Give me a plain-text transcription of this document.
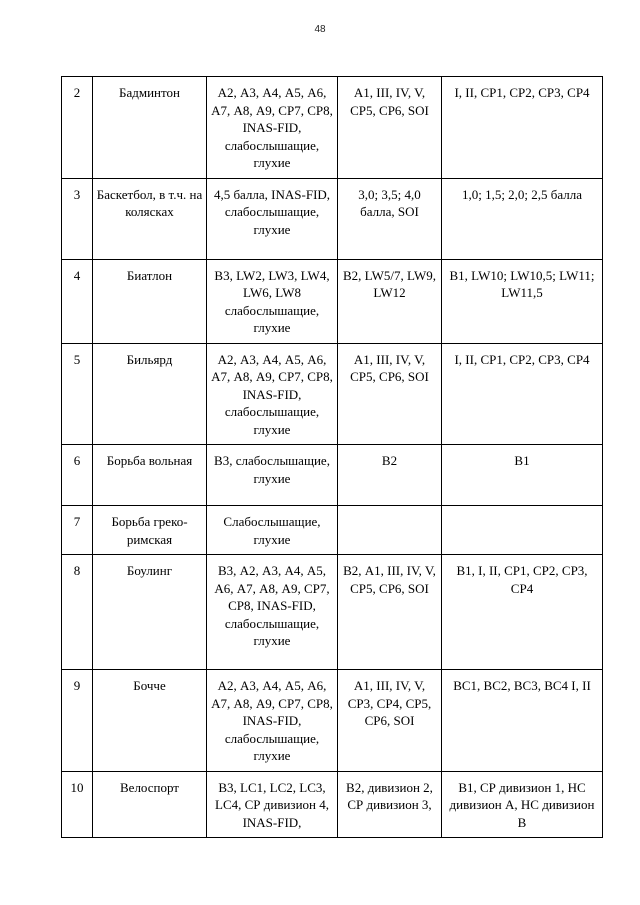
48
2	Бадминтон	А2, А3, А4, А5, А6, А7, А8, А9, СР7, СР8, INAS-FID, слабослышащие, глухие	А1, III, IV, V, СР5, СР6, SOI	I, II, СР1, СР2, СР3, СР4
3	Баскетбол, в т.ч. на колясках	4,5 балла, INAS-FID, слабослышащие, глухие	3,0; 3,5; 4,0 балла, SOI	1,0; 1,5; 2,0; 2,5 балла
4	Биатлон	В3, LW2, LW3, LW4, LW6, LW8 слабослышащие, глухие	В2, LW5/7, LW9, LW12	В1, LW10; LW10,5; LW11; LW11,5
5	Бильярд	А2, А3, А4, А5, А6, А7, А8, А9, СР7, СР8, INAS-FID, слабослышащие, глухие	А1, III, IV, V, СР5, СР6, SOI	I, II, СР1, СР2, СР3, СР4
6	Борьба вольная	В3, слабослышащие, глухие	В2	В1
7	Борьба греко-римская	Слабослышащие, глухие		
8	Боулинг	В3, А2, А3, А4, А5, А6, А7, А8, А9, СР7, СР8, INAS-FID, слабослышащие, глухие	В2, А1, III, IV, V, СР5, СР6, SOI	В1, I, II, СР1, СР2, СР3, СР4
9	Бочче	А2, А3, А4, А5, А6, А7, А8, А9, СР7, СР8, INAS-FID, слабослышащие, глухие	А1, III, IV, V, СР3, СР4, СР5, СР6, SOI	ВС1, ВС2, ВС3, ВС4 I, II
10	Велоспорт	В3, LC1, LC2, LC3, LC4, СР дивизион 4, INAS-FID,	В2, дивизион 2, СР дивизион 3,	В1, СР дивизион 1, НС дивизион А, НС дивизион В
